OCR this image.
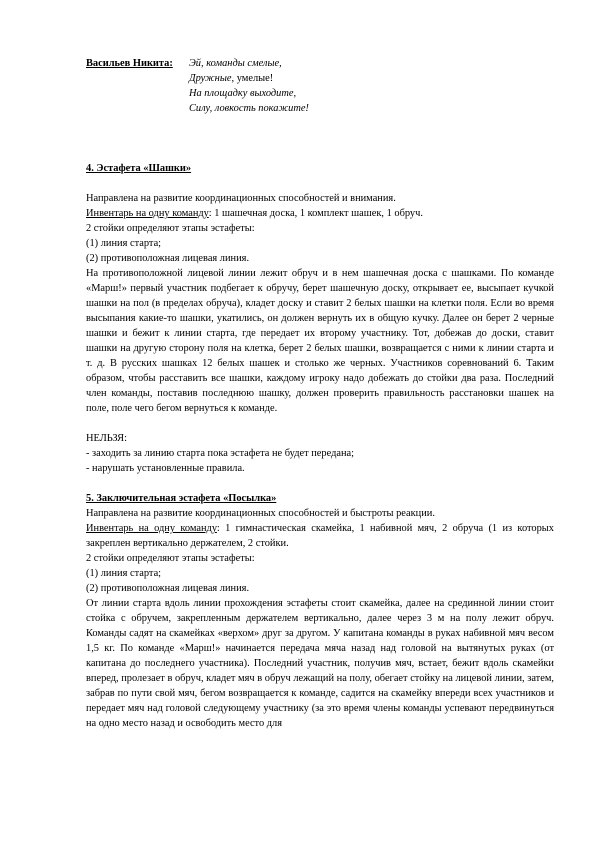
Васильев Никита:	Эй, команды смелые,
Дружные, умелые!
На площадку выходите,
Силу, ловкость покажите!

4. Эстафета «Шашки»

Направлена на развитие координационных способностей и внимания.

Инвентарь на одну команду: 1 шашечная доска, 1 комплект шашек, 1 обруч.

2 стойки определяют этапы эстафеты:

(1) линия старта;

(2) противоположная лицевая линия.

На противоположной лицевой линии лежит обруч и в нем шашечная доска с шашками. По команде «Марш!» первый участник подбегает к обручу, берет шашечную доску, открывает ее, высыпает кучкой шашки на пол (в пределах обруча), кладет доску и ставит 2 белых шашки на клетки поля. Если во время высыпания какие-то шашки, укатились, он должен вернуть их в общую кучку. Далее он берет 2 черные шашки и бежит к линии старта, где передает их второму участнику. Тот, добежав до доски, ставит шашки на другую сторону поля на клетка, берет 2 белых шашки, возвращается с ними к линии старта и т. д. В русских шашках 12 белых шашек и столько же черных. Участников соревнований 6. Таким образом, чтобы расставить все шашки, каждому игроку надо добежать до стойки два раза. Последний член команды, поставив последнюю шашку, должен проверить правильность расстановки шашек на поле, поле чего бегом вернуться к команде.

НЕЛЬЗЯ:

- заходить за линию старта пока эстафета не будет передана;

- нарушать установленные правила.

5. Заключительная эстафета «Посылка»

Направлена на развитие координационных способностей и быстроты реакции.

Инвентарь на одну команду: 1 гимнастическая скамейка, 1 набивной мяч, 2 обруча (1 из которых закреплен вертикально держателем, 2 стойки.

2 стойки определяют этапы эстафеты:

(1) линия старта;

(2) противоположная лицевая линия.

От линии старта вдоль линии прохождения эстафеты стоит скамейка, далее на срединной линии стоит стойка с обручем, закрепленным держателем вертикально, далее через 3 м на полу лежит обруч. Команды садят на скамейках «верхом» друг за другом. У капитана команды в руках набивной мяч весом 1,5 кг. По команде «Марш!» начинается передача мяча назад над головой на вытянутых руках (от капитана до последнего участника). Последний участник, получив мяч, встает, бежит вдоль скамейки вперед, пролезает в обруч, кладет мяч в обруч лежащий на полу, обегает стойку на лицевой линии, затем, забрав по пути свой мяч, бегом возвращается к команде, садится на скамейку впереди всех участников и передает мяч над головой следующему участнику (за это время члены команды успевают передвинуться на одно место назад и освободить место для
